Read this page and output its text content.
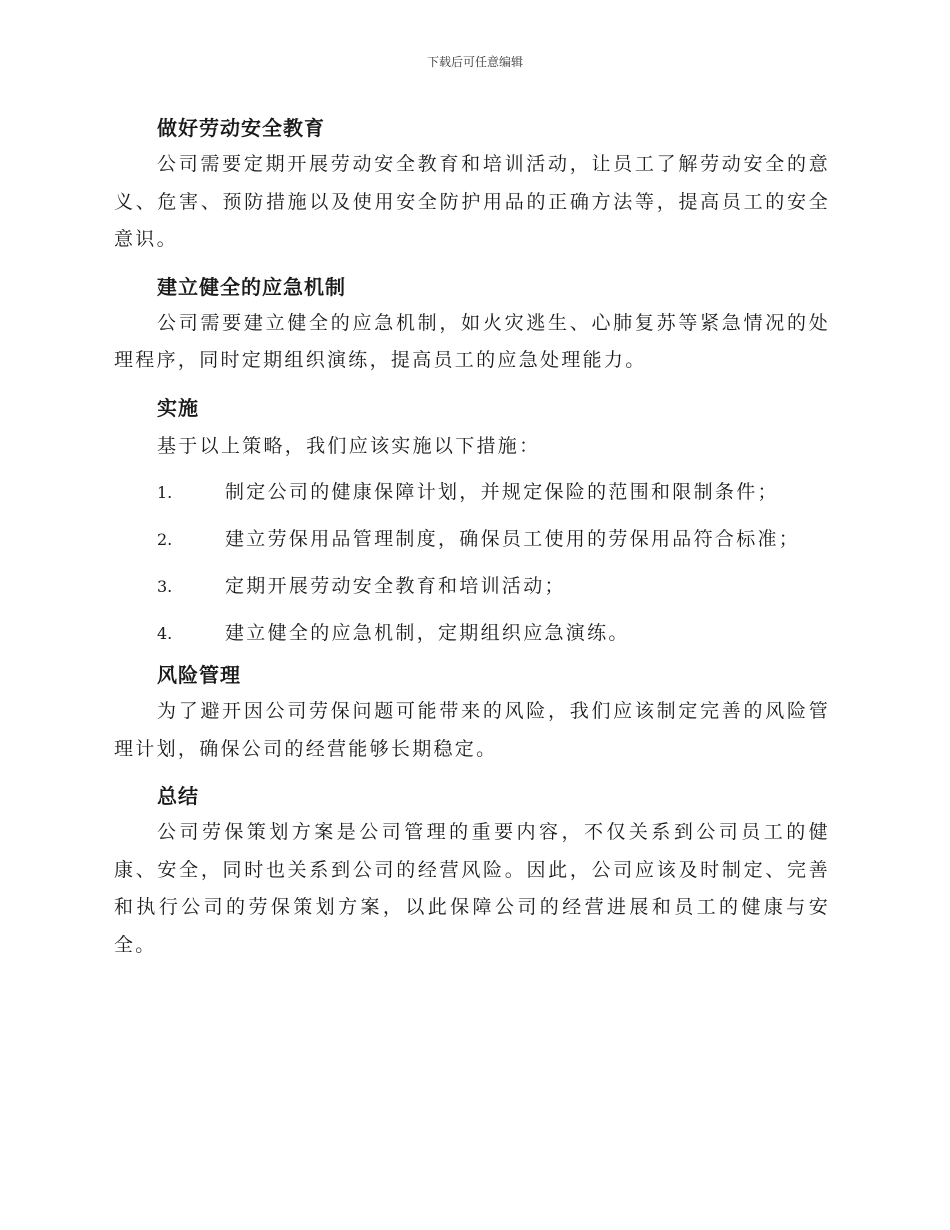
下载后可任意编辑
做好劳动安全教育

公司需要定期开展劳动安全教育和培训活动，让员工了解劳动安全的意义、危害、预防措施以及使用安全防护用品的正确方法等，提高员工的安全意识。

建立健全的应急机制

公司需要建立健全的应急机制，如火灾逃生、心肺复苏等紧急情况的处理程序，同时定期组织演练，提高员工的应急处理能力。

实施

基于以上策略，我们应该实施以下措施：

1.	制定公司的健康保障计划，并规定保险的范围和限制条件；
2.	建立劳保用品管理制度，确保员工使用的劳保用品符合标准；
3.	定期开展劳动安全教育和培训活动；
4.	建立健全的应急机制，定期组织应急演练。
风险管理

为了避开因公司劳保问题可能带来的风险，我们应该制定完善的风险管理计划，确保公司的经营能够长期稳定。

总结

公司劳保策划方案是公司管理的重要内容，不仅关系到公司员工的健康、安全，同时也关系到公司的经营风险。因此，公司应该及时制定、完善和执行公司的劳保策划方案，以此保障公司的经营进展和员工的健康与安全。
